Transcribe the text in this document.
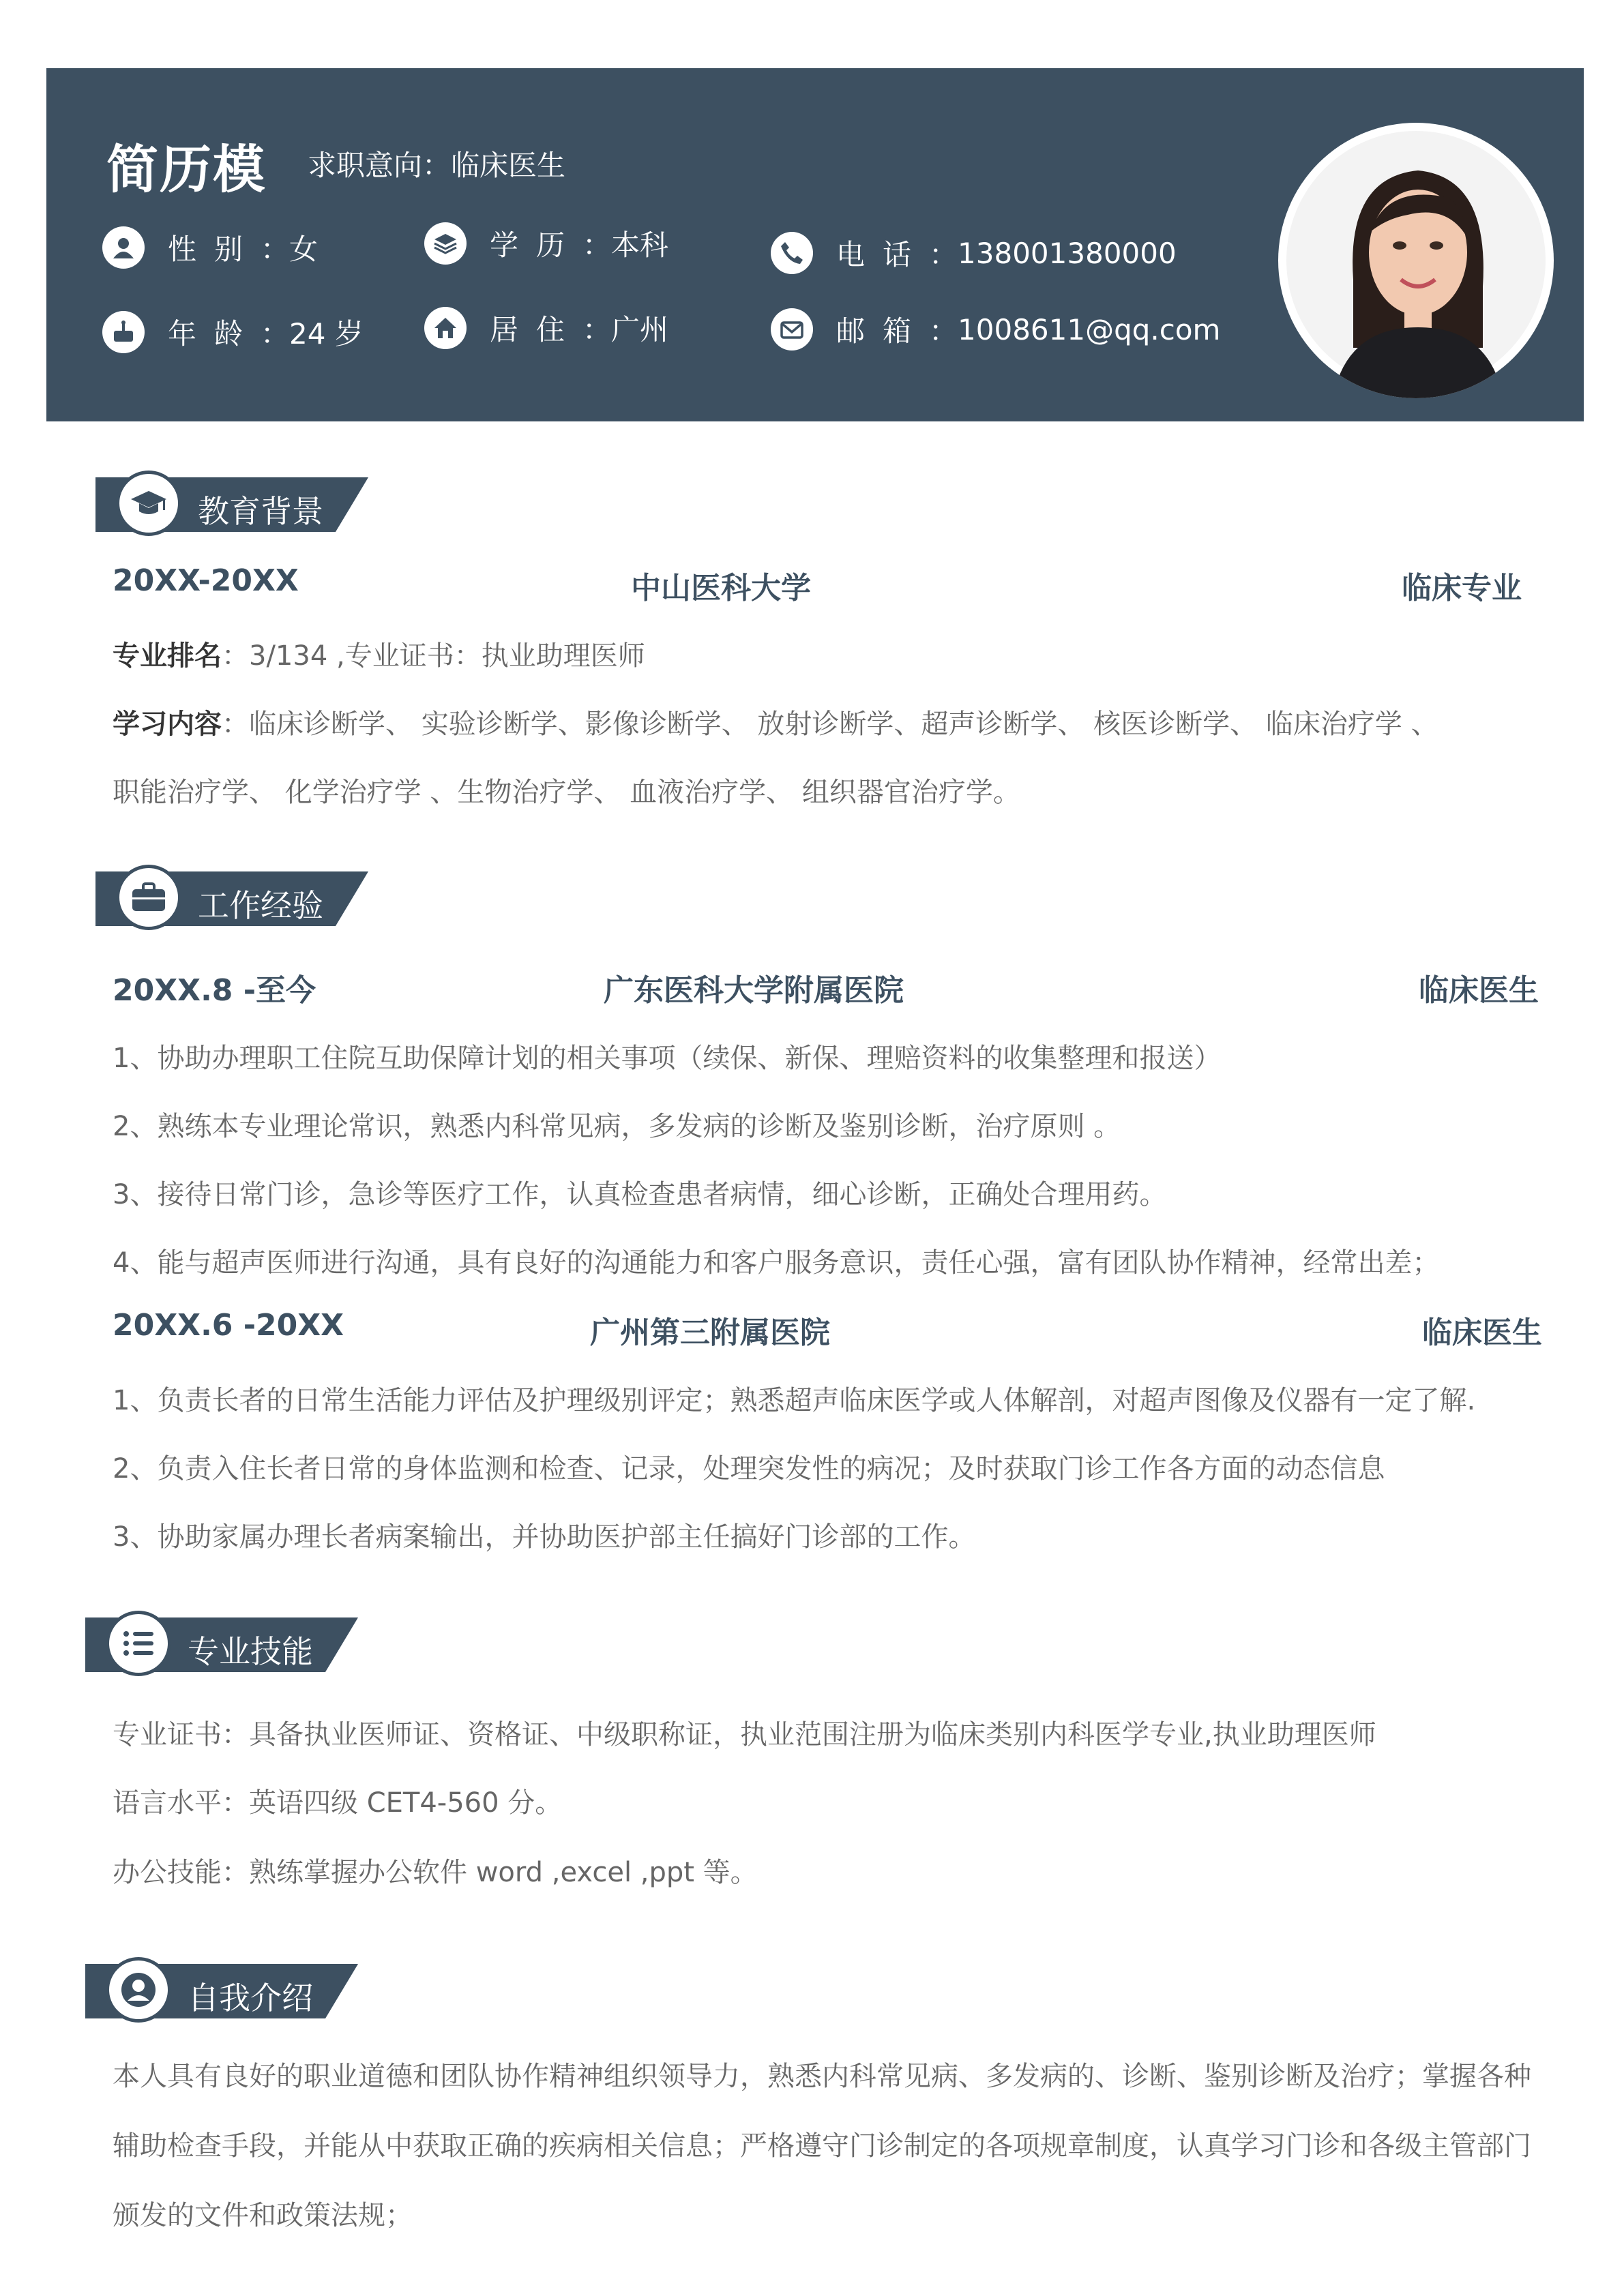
简历模 求职意向：临床医生
性别 ： 女	学历 ： 本科	电话 ： 138001380000
年龄 ： 24 岁	居住 ： 广州	邮箱 ： 1008611@qq.com
教育背景
20XX-20XX	中山医科大学	临床专业
专业排名：3/134 ,专业证书：执业助理医师
学习内容：临床诊断学、 实验诊断学、影像诊断学、 放射诊断学、超声诊断学、 核医诊断学、 临床治疗学 、
职能治疗学、 化学治疗学 、生物治疗学、 血液治疗学、 组织器官治疗学。
工作经验
20XX.8 -至今	广东医科大学附属医院	临床医生
1、协助办理职工住院互助保障计划的相关事项（续保、新保、理赔资料的收集整理和报送）
2、熟练本专业理论常识，熟悉内科常见病，多发病的诊断及鉴别诊断，治疗原则 。
3、接待日常门诊，急诊等医疗工作，认真检查患者病情，细心诊断，正确处合理用药。
4、能与超声医师进行沟通，具有良好的沟通能力和客户服务意识，责任心强，富有团队协作精神，经常出差；
20XX.6 -20XX	广州第三附属医院	临床医生
1、负责长者的日常生活能力评估及护理级别评定；熟悉超声临床医学或人体解剖，对超声图像及仪器有一定了解.
2、负责入住长者日常的身体监测和检查、记录，处理突发性的病况；及时获取门诊工作各方面的动态信息
3、协助家属办理长者病案输出，并协助医护部主任搞好门诊部的工作。
专业技能
专业证书：具备执业医师证、资格证、中级职称证，执业范围注册为临床类别内科医学专业,执业助理医师
语言水平：英语四级 CET4-560 分。
办公技能：熟练掌握办公软件 word ,excel ,ppt 等。
自我介绍
本人具有良好的职业道德和团队协作精神组织领导力，熟悉内科常见病、多发病的、诊断、鉴别诊断及治疗；掌握各种辅助检查手段，并能从中获取正确的疾病相关信息；严格遵守门诊制定的各项规章制度，认真学习门诊和各级主管部门颁发的文件和政策法规；
